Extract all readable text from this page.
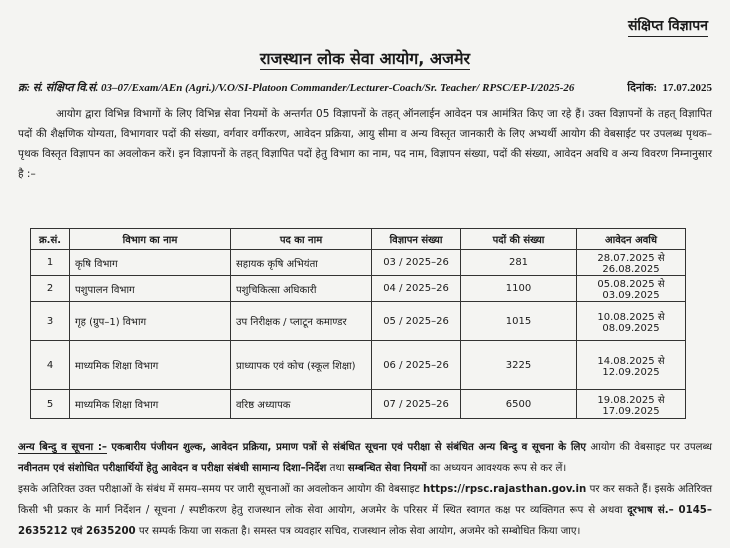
संक्षिप्त विज्ञापन
राजस्थान लोक सेवा आयोग, अजमेर
क्र: सं. संक्षिप्त वि.सं. 03–07/Exam/AEn (Agri.)/V.O/SI-Platoon Commander/Lecturer-Coach/Sr. Teacher/ RPSC/EP-I/2025-26	दिनांक: 17.07.2025
आयोग द्वारा विभिन्न विभागों के लिए विभिन्न सेवा नियमों के अन्तर्गत 05 विज्ञापनों के तहत् ऑनलाईन आवेदन पत्र आमंत्रित किए जा रहे हैं। उक्त विज्ञापनों के तहत् विज्ञापित पदों की शैक्षणिक योग्यता, विभागवार पदों की संख्या, वर्गवार वर्गीकरण, आवेदन प्रक्रिया, आयु सीमा व अन्य विस्तृत जानकारी के लिए अभ्यर्थी आयोग की वेबसाईट पर उपलब्ध पृथक–पृथक विस्तृत विज्ञापन का अवलोकन करें। इन विज्ञापनों के तहत् विज्ञापित पदों हेतु विभाग का नाम, पद नाम, विज्ञापन संख्या, पदों की संख्या, आवेदन अवधि व अन्य विवरण निम्नानुसार है :–
क्र.सं.	विभाग का नाम	पद का नाम	विज्ञापन संख्या	पदों की संख्या	आवेदन अवधि
1	कृषि विभाग	सहायक कृषि अभियंता	03 / 2025–26	281	28.07.2025 से 26.08.2025
2	पशुपालन विभाग	पशुचिकित्सा अधिकारी	04 / 2025–26	1100	05.08.2025 से 03.09.2025
3	गृह (ग्रुप–1) विभाग	उप निरीक्षक / प्लाटून कमाण्डर	05 / 2025–26	1015	10.08.2025 से 08.09.2025
4	माध्यमिक शिक्षा विभाग	प्राध्यापक एवं कोच (स्कूल शिक्षा)	06 / 2025–26	3225	14.08.2025 से 12.09.2025
5	माध्यमिक शिक्षा विभाग	वरिष्ठ अध्यापक	07 / 2025–26	6500	19.08.2025 से 17.09.2025
अन्य बिन्दु व सूचना :– एकबारीय पंजीयन शुल्क, आवेदन प्रक्रिया, प्रमाण पत्रों से संबंधित सूचना एवं परीक्षा से संबंधित अन्य बिन्दु व सूचना के लिए आयोग की वेबसाइट पर उपलब्ध नवीनतम एवं संशोधित परीक्षार्थियों हेतु आवेदन व परीक्षा संबंधी सामान्य दिशा–निर्देश तथा सम्बन्धित सेवा नियमों का अध्ययन आवश्यक रूप से कर लें।
इसके अतिरिक्त उक्त परीक्षाओं के संबंध में समय–समय पर जारी सूचनाओं का अवलोकन आयोग की वेबसाइट https://rpsc.rajasthan.gov.in पर कर सकते हैं। इसके अतिरिक्त किसी भी प्रकार के मार्ग निर्देशन / सूचना / स्पष्टीकरण हेतु राजस्थान लोक सेवा आयोग, अजमेर के परिसर में स्थित स्वागत कक्ष पर व्यक्तिगत रूप से अथवा दूरभाष सं.– 0145–2635212 एवं 2635200 पर सम्पर्क किया जा सकता है। समस्त पत्र व्यवहार सचिव, राजस्थान लोक सेवा आयोग, अजमेर को सम्बोधित किया जाए।
